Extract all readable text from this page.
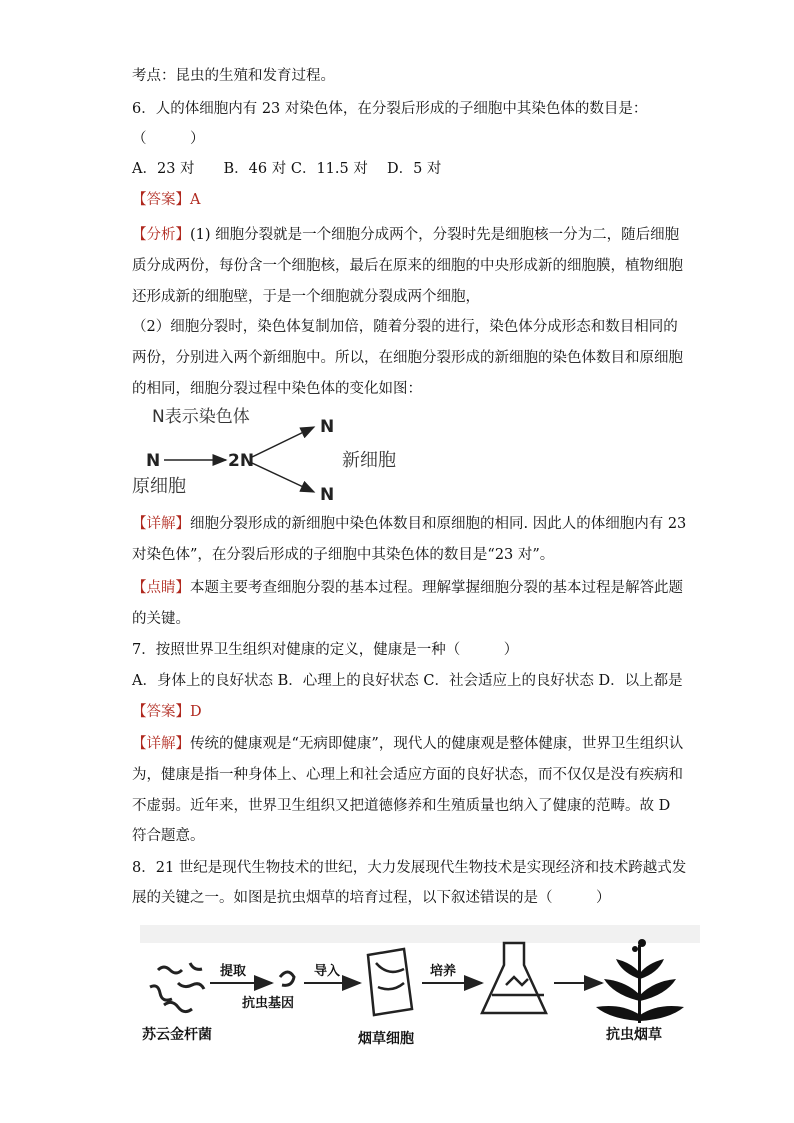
考点：昆虫的生殖和发育过程。
6．人的体细胞内有 23 对染色体，在分裂后形成的子细胞中其染色体的数目是：
（　　　）
A．23 对　　B．46 对 C．11.5 对　 D．5 对
【答案】A
【分析】(1) 细胞分裂就是一个细胞分成两个，分裂时先是细胞核一分为二，随后细胞
质分成两份，每份含一个细胞核，最后在原来的细胞的中央形成新的细胞膜，植物细胞
还形成新的细胞壁，于是一个细胞就分裂成两个细胞，
（2）细胞分裂时，染色体复制加倍，随着分裂的进行，染色体分成形态和数目相同的
两份，分别进入两个新细胞中。所以，在细胞分裂形成的新细胞的染色体数目和原细胞
的相同，细胞分裂过程中染色体的变化如图：
N表示染色体
N	2N
N
N
新细胞
原细胞
【详解】细胞分裂形成的新细胞中染色体数目和原细胞的相同. 因此人的体细胞内有 23
对染色体”，在分裂后形成的子细胞中其染色体的数目是“23 对”。
【点睛】本题主要考查细胞分裂的基本过程。理解掌握细胞分裂的基本过程是解答此题
的关键。
7．按照世界卫生组织对健康的定义，健康是一种（　　　）
A．身体上的良好状态 B．心理上的良好状态 C．社会适应上的良好状态 D．以上都是
【答案】D
【详解】传统的健康观是“无病即健康”，现代人的健康观是整体健康，世界卫生组织认
为，健康是指一种身体上、心理上和社会适应方面的良好状态，而不仅仅是没有疾病和
不虚弱。近年来，世界卫生组织又把道德修养和生殖质量也纳入了健康的范畴。故 D
符合题意。
8．21 世纪是现代生物技术的世纪，大力发展现代生物技术是实现经济和技术跨越式发
展的关键之一。如图是抗虫烟草的培育过程，以下叙述错误的是（　　　）
苏云金杆菌
提取
抗虫基因
导入
烟草细胞
培养
抗虫烟草
